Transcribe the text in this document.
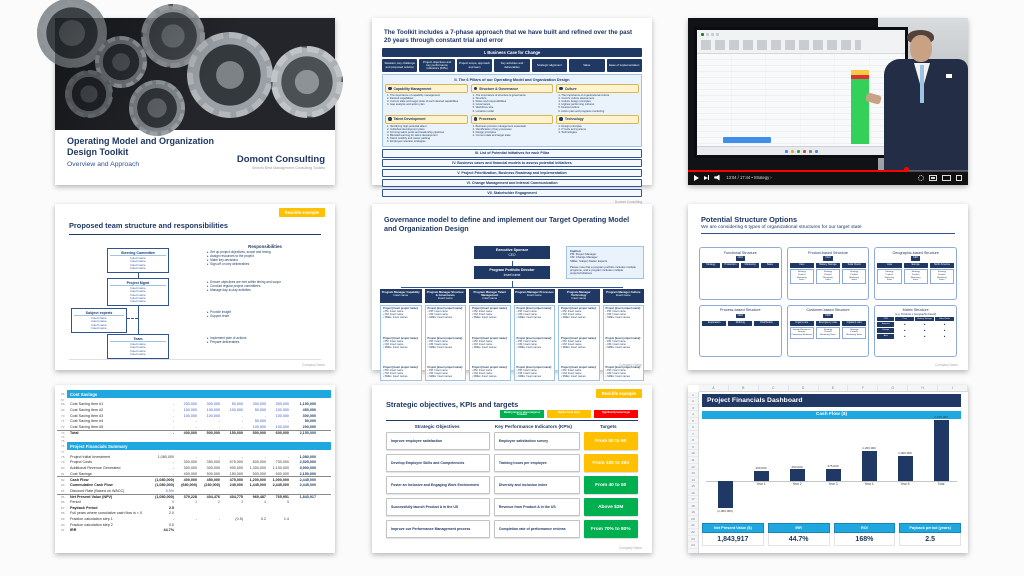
Operating Model and Organization Design Toolkit
Overview and Approach	Domont Consulting
World's Best Management Consulting Toolkits
The Toolkit includes a 7-phase approach that we have built and refined over the past 20 years through constant trial and error
I. Business Case for Change
Situation, key challenge and proposed solution
Project objectives and key performance indicators (KPIs)
Project scope, approach and team
Key activities and deliverables	Strategic alignment	Value	Ease of implementation
II. The 6 Pillars of our Operating Model and Organization Design
Capability Management
1. The importance of capability management
2. Desired capabilities
3. Current state and target state of each desired capabilities
4. Gap analysis and action plan
Structure & Governance
1. The importance of structure & governance
2. Structure
3. Roles and responsibilities
4. Governance
5. Workforce size
6. Location model
Culture
1. The importance of organizational culture
2. Current culture assessment
3. Culture design principles
4. Highest performing cultures
5. Desired culture
6. Action plan and progress monitoring
Talent Development
1. Identifying high-potential talent
2. Individual development plans
3. Forming talent pools and leadership pipelines
4. Blended learning for talent development
5. Talent mobility and career pathing
6. Employee retention strategies
Processes
1. Business process management essentials
2. Identification of key processes
3. Design principles
4. Current state and target state
Technology
1. Design principles
2. IT tools and systems
3. Technologies
III. List of Potential Initiatives for each Pillar
IV. Business cases and financial models to assess potential initiatives
V. Project Prioritization, Business Roadmap and Implementation
VI. Change Management and Internal Communication
VII. Stakeholder Engagement
Domont Consulting
13:04 / 17:44 • Strategy ›
Real-life example
Proposed team structure and responsibilities
Steering Committee
Insert name
Insert name
Insert name
Insert name
Project Mgmt
Insert name
Insert name
Insert name
Insert name
Insert name
Subject experts
Insert name
Insert name
Insert name
Insert name
Team
Insert name
Insert name
Insert name
Insert name
Responsibilities
▸ Set up project objectives, scope and timing
▸ Assign resources to the project
▸ Make key decisions
▸ Sign-off on key deliverables
▸ Ensure objectives are met within timing and scope
▸ Conduct regular project committees
▸ Manage day-to-day activities
▸ Provide insight
▸ Support team
▸ Implement plan of actions
▸ Prepare deliverables
Company Name
Governance model to define and implement our Target Operating Model and Organization Design
Executive Sponsor
CEO
Program Portfolio Director
Insert name
Caption:
PM: Project Manager
CM: Change Manager
SMEs: Subject Matter Experts
Please note that a program portfolio includes multiple programs, and a program includes multiple projects/initiatives
Program Manager Capability
Insert name
Project [insert project name]:
• PM: Insert name
• CM: Insert name
• SMEs: Insert names
Project [insert project name]:
• PM: Insert name
• CM: Insert name
• SMEs: Insert names
Project [insert project name]:
• PM: Insert name
• CM: Insert name
• SMEs: Insert names
Program Manager Structure & Governance
Insert name
Project [insert project name]:
• PM: Insert name
• CM: Insert name
• SMEs: Insert names
Project [insert project name]:
• PM: Insert name
• CM: Insert name
• SMEs: Insert names
Project [insert project name]:
• PM: Insert name
• CM: Insert name
• SMEs: Insert names
Program Manager Talent Management
Insert name
Project [insert project name]:
• PM: Insert name
• CM: Insert name
• SMEs: Insert names
Project [insert project name]:
• PM: Insert name
• CM: Insert name
• SMEs: Insert names
Project [insert project name]:
• PM: Insert name
• CM: Insert name
• SMEs: Insert names
Program Manager Processes
Insert name
Project [insert project name]:
• PM: Insert name
• CM: Insert name
• SMEs: Insert names
Project [insert project name]:
• PM: Insert name
• CM: Insert name
• SMEs: Insert names
Project [insert project name]:
• PM: Insert name
• CM: Insert name
• SMEs: Insert names
Program Manager Technology
Insert name
Project [insert project name]:
• PM: Insert name
• CM: Insert name
• SMEs: Insert names
Project [insert project name]:
• PM: Insert name
• CM: Insert name
• SMEs: Insert names
Project [insert project name]:
• PM: Insert name
• CM: Insert name
• SMEs: Insert names
Program Manager Culture
Insert name
Project [insert project name]:
• PM: Insert name
• CM: Insert name
• SMEs: Insert names
Project [insert project name]:
• PM: Insert name
• CM: Insert name
• SMEs: Insert names
Project [insert project name]:
• PM: Insert name
• CM: Insert name
• SMEs: Insert names
Company Name
Potential Structure Options
We are considering 6 types of organizational structures for our target state
Functional Structure
CEO
Strategy	Production	Marketing	Sales
Product-based Structure
CEO
Cars
Strategy
Product
Marketing
Sales
Battery Storage
Strategy
Product
Marketing
Sales
Solar Roofs
Strategy
Product
Marketing
Sales
Geographic-based Structure
CEO
Asia
Strategy
Product
Marketing
Sales
Europe
Strategy
Product
Marketing
Sales
North America
Strategy
Product
Marketing
Sales
Process-based Structure
CEO
Exploration	Refining	Distribution
Customer-based Structure
CEO
Urgent care
Human Resources
Finance
Community Relations
Emergency care
Strategy
Product
Marketing Sales
Inpatient care
Strategy
Product
Marketing Sales
Matrix Structure
(e.g. Products x Geographic-based)
CEO	Cars	Battery Storage	Solar Roofs
America	•	•	•
Europe	•	•	•
Asia	•	•	•
Company Name
66	Cost Savings
67
68	Cost Saving Item #1	-	200,000	300,000	50,000	300,000	300,000	1,150,000
69	Cost Saving Item #2	-	100,000	100,000	100,000	50,000	100,000	450,000
70	Cost Saving Item #3	-	100,000	100,000	-	-	100,000	300,000
71	Cost Saving Item #4	-	-	-	-	50,000	-	50,000
72	Cost Saving Item #5	-	-	-	-	100,000	100,000	200,000
73	Total	-	400,000	500,000	150,000	500,000	600,000	2,150,000
74
75
76	Project Financials Summary
77
78	Project Initial Investment	1,080,000	-	-	-	-	-	1,080,000
79	Project Costs	-	300,000	350,000	575,000	600,000	700,000	2,525,000
80	Additional Revenue Generated	-	300,000	300,000	900,000	1,300,000	1,100,000	3,900,000
81	Cost Savings	-	400,000	500,000	150,000	500,000	600,000	2,150,000
82	Cash Flow	(1,080,000)	400,000	450,000	475,000	1,200,000	1,000,000	2,445,000
83	Cummulative Cash Flow	(1,080,000)	(680,000)	(230,000)	245,000	1,445,000	2,445,000	2,445,000
84	Discount Rate (Based on WACC)	5.5%
85	Net Present Value (NPV)	(1,080,000)	379,228	404,476	404,775	969,487	765,951	1,843,917
86	Period	0	1	2	3	4	5
87	Payback Period	2.5
88	Full years where cumulative cash flow is < 0	2.0
89	Fraction calculation step 1	-	-	-	(0.5)	0.2	1.4
90	Fraction calculation step 2	0.5
91	IRR	44.7%
Real-life example
Strategic objectives, KPIs and targets
Meeting target or above target on schedule
Slightly below target	Significantly below target
Strategic Objectives	Key Performance Indicators (KPIs)	Targets
Improve employee satisfaction	Employee satisfaction survey	From 50 to 60
Develop Employee Skills and Competencies	Training hours per employee	From 100 to 200
Foster an Inclusive and Engaging Work Environment	Diversity and inclusion index	From 40 to 50
Successfully launch Product A in the US	Revenue from Product A in the US	Above $2M
Improve our Performance Management process	Completion rate of performance reviews	From 70% to 80%
Company Name
A	B	C	D	E	F	G	H	I
1
2
3
4
5
6
7
8
9
10
11
12
13
14
15
16
17
18
19
20
21
22
23
24
Project Financials Dashboard
Cash Flow ($)
(1,080,000)
400,000
Year 1
450,000
Year 2
475,000
Year 3
1,200,000
Year 4
1,000,000
Year 5
2,445,000
Total
Net Present Value ($)
1,843,917
IRR
44.7%
ROI
168%
Payback period (years)
2.5
